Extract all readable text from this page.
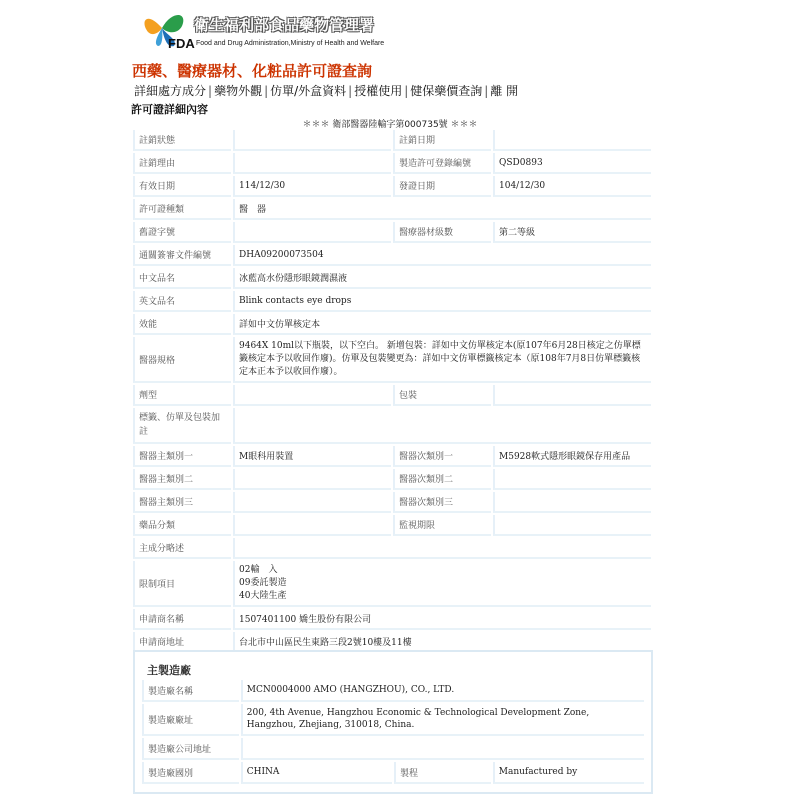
衛生福利部食品藥物管理署
FDA Food and Drug Administration,Ministry of Health and Welfare
西藥、醫療器材、化粧品許可證查詢
詳細處方成分 | 藥物外觀 | 仿單/外盒資料 | 授權使用 | 健保藥價查詢 | 離 開
許可證詳細內容
＊＊＊ 衛部醫器陸輸字第000735號 ＊＊＊
註銷狀態		註銷日期	
註銷理由		製造許可登錄編號	QSD0893
有效日期	114/12/30	發證日期	104/12/30
許可證種類	醫　器		
舊證字號		醫療器材級數	第二等級
通關簽審文件編號	DHA09200073504		
中文品名	冰藍高水份隱形眼鏡潤濕液		
英文品名	Blink contacts eye drops		
效能	詳如中文仿單核定本		
醫器規格	9464X 10ml以下瓶裝，以下空白。 新增包裝：詳如中文仿單核定本(原107年6月28日核定之仿單標籤核定本予以收回作廢)。仿單及包裝變更為：詳如中文仿單標籤核定本（原108年7月8日仿單標籤核定本正本予以收回作廢）。		
劑型		包裝	
標籤、仿單及包裝加註			
醫器主類別一	M眼科用裝置	醫器次類別一	M5928軟式隱形眼鏡保存用產品
醫器主類別二		醫器次類別二	
醫器主類別三		醫器次類別三	
藥品分類		監視期限	
主成分略述			
限制項目	02輸　入
09委託製造
40大陸生產		

申請商名稱	1507401100 嬌生股份有限公司		
申請商地址	台北市中山區民生東路三段2號10樓及11樓		
主製造廠
製造廠名稱	MCN0004000 AMO (HANGZHOU), CO., LTD.		
製造廠廠址	200, 4th Avenue, Hangzhou Economic & Technological Development Zone, Hangzhou, Zhejiang, 310018, China.		
製造廠公司地址			
製造廠國別	CHINA	製程	Manufactured by
